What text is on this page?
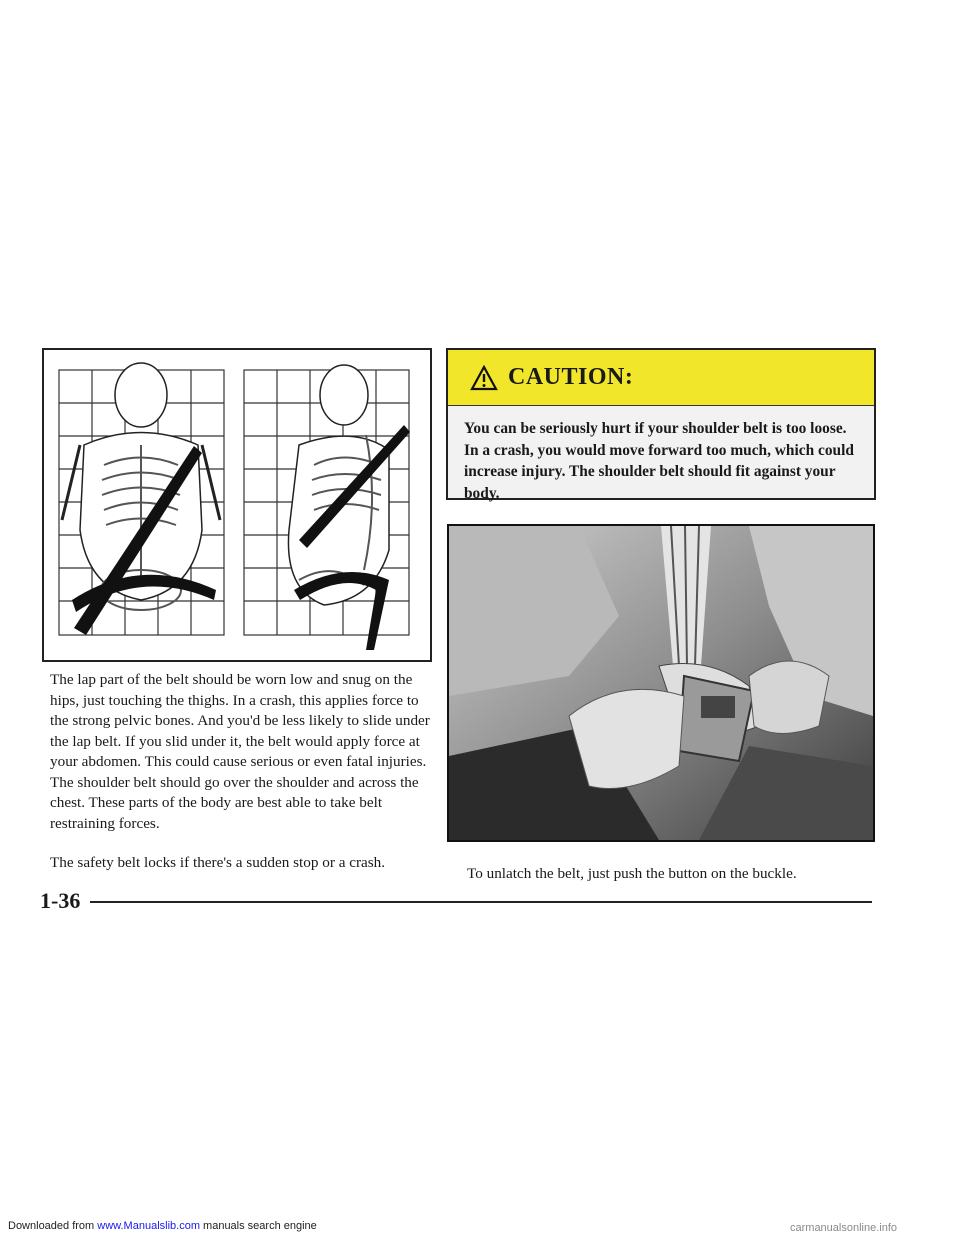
The lap part of the belt should be worn low and snug on the hips, just touching the thighs. In a crash, this applies force to the strong pelvic bones. And you'd be less likely to slide under the lap belt. If you slid under it, the belt would apply force at your abdomen. This could cause serious or even fatal injuries. The shoulder belt should go over the shoulder and across the chest. These parts of the body are best able to take belt restraining forces.

The safety belt locks if there's a sudden stop or a crash.

CAUTION:

You can be seriously hurt if your shoulder belt is too loose. In a crash, you would move forward too much, which could increase injury. The shoulder belt should fit against your body.

To unlatch the belt, just push the button on the buckle.

1-36
Downloaded from www.Manualslib.com manuals search engine	carmanualsonline.info
